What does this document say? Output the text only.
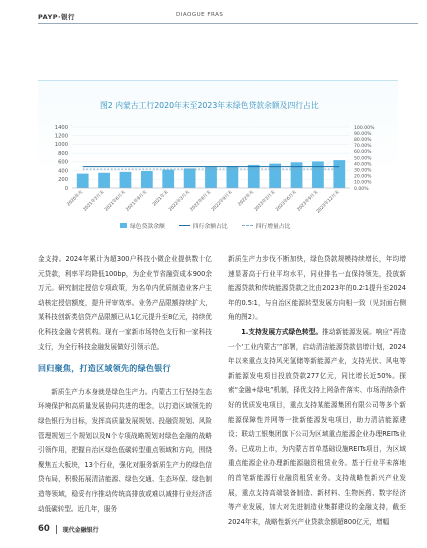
PAYP·银行	DIAOGUE FRAS
图2 内蒙古工行2020年末至2023年末绿色贷款余额及四行占比
0
200
400
600
800
1000
1200
1400
0.00%
10.00%
20.00%
30.00%
40.00%
50.00%
60.00%
70.00%
80.00%
90.00%
100.00%
2020年末
2021年3月末
2021年6月末
2021年9月末 2021年末
2022年3月末
2022年6月末
2022年9月末 2022年末
2023年3月末
2023年6月末
2023年9月末
2023年12月末
绿色贷款余额	四行余额占比	四行增量占比

金支持。2024年累计为超300户科技小微企业提供数十亿元贷款，利率平均降低100bp，为企业节省融资成本900余万元。研究制定授信专项政策，为名单内优质制造业客户主动核定授信额度，提升评审效率。业务产品限额持续扩大，某科技创新类信贷产品限额已从1亿元提升至8亿元，持续优化科技金融专营机构。现有一家新市场特色支行和一家科技支行，为全行科技金融发展做好引领示范。

回归聚焦，打造区域领先的绿色银行

新质生产力本身就是绿色生产力。内蒙古工行坚持生态环境保护和高质量发展协同共进的理念，以打造区域领先的绿色银行为目标，发挥高质量发展规划、投融资规划、风险管理规划三个规划以及N个专项战略规划对绿色金融的战略引领作用，把握自治区绿色低碳转型重点领域和方向，围绕聚焦五大板块，13个行业，强化对服务新质生产力的绿色信贷布局，积极拓展清洁能源、绿色交通、生态环保、绿色制造等领域，稳妥有序推动传统高排放或难以减排行业经济活动低碳转型。近几年，服务

新质生产力步伐不断加快，绿色贷款规模持续增长，年均增速显著高于行业平均水平，同业排名一直保持领先，投放新能源贷款和传统能源贷款之比由2023年的0.2∶1提升至2024年的0.5∶1，与自治区能源转型发展方向相一致（见封面右侧角的图2）。

1.支持发展方式绿色转型。推动新能源发展。响应“再造一个‘工业内蒙古’”部署，启动清洁能源贷款信增计划，2024年以来重点支持风光氢储等新能源产业，支持光伏、风电等新能源发电项目投放贷款277亿元，同比增长近50%。探索“金融+绿电”机制，择优支持上网条件落实、市场消纳条件好的优质发电项目，重点支持某能源集团有限公司等多个新能源保障性并网等一批新能源发电项目，助力清洁能源建设；联动工银集团旗下公司为区域重点能源企业办理REITs业务。已成功上市，为内蒙古首单基础设施REITs项目，为区域重点能源企业办理新能源融资租赁业务。基于行业平未落地的首笔新能源行业融资租赁业务。支持战略性新兴产业发展，重点支持高端装备制造、新材料、生物医药、数字经济等产业发展，加大对先进制造业集群建设的金融支持，截至2024年末，战略性新兴产业贷款余额超800亿元，增幅

60 现代金融银行
